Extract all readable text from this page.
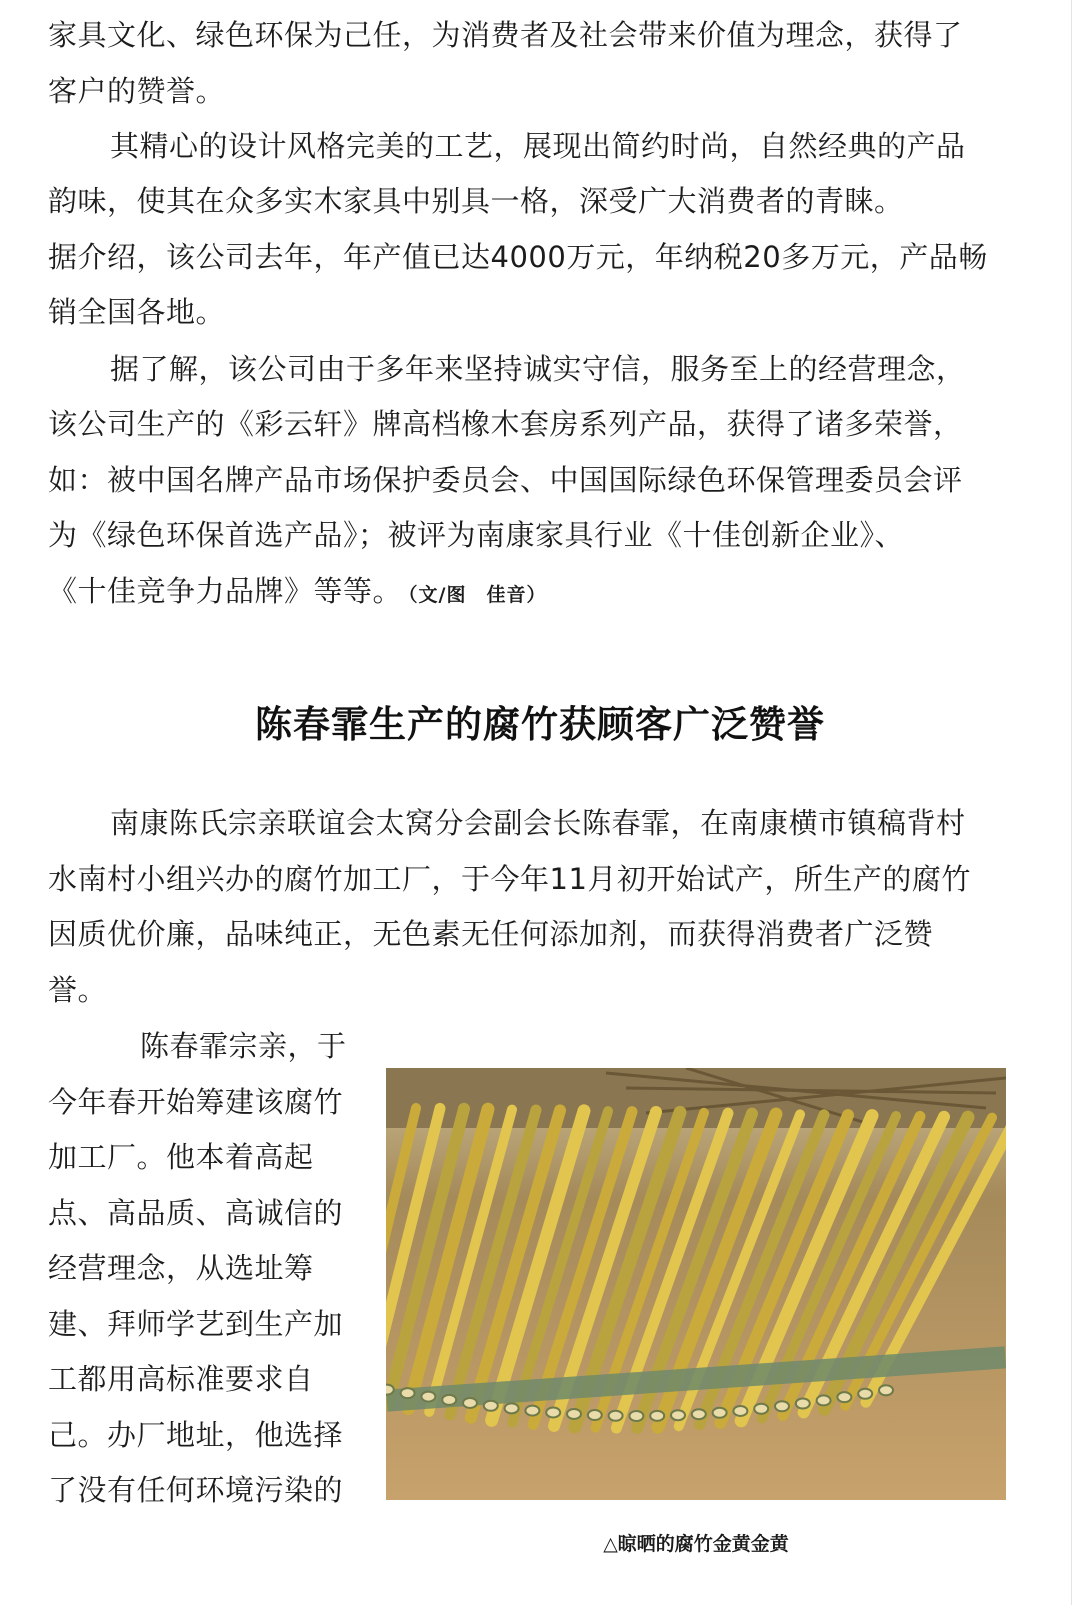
家具文化、绿色环保为己任，为消费者及社会带来价值为理念，获得了
客户的赞誉。
其精心的设计风格完美的工艺，展现出简约时尚，自然经典的产品
韵味，使其在众多实木家具中别具一格，深受广大消费者的青睐。
据介绍，该公司去年，年产值已达4000万元，年纳税20多万元，产品畅
销全国各地。
据了解，该公司由于多年来坚持诚实守信，服务至上的经营理念，
该公司生产的《彩云轩》牌高档橡木套房系列产品，获得了诸多荣誉，
如：被中国名牌产品市场保护委员会、中国国际绿色环保管理委员会评
为《绿色环保首选产品》；被评为南康家具行业《十佳创新企业》、
《十佳竞争力品牌》等等。 （文/图　佳音）
陈春霏生产的腐竹获顾客广泛赞誉
南康陈氏宗亲联谊会太窝分会副会长陈春霏，在南康横市镇稿背村
水南村小组兴办的腐竹加工厂，于今年11月初开始试产，所生产的腐竹
因质优价廉，品味纯正，无色素无任何添加剂，而获得消费者广泛赞
誉。
陈春霏宗亲，于
今年春开始筹建该腐竹
加工厂。他本着高起
点、高品质、高诚信的
经营理念，从选址筹
建、拜师学艺到生产加
工都用高标准要求自
己。办厂地址，他选择
了没有任何环境污染的
△晾晒的腐竹金黄金黄
